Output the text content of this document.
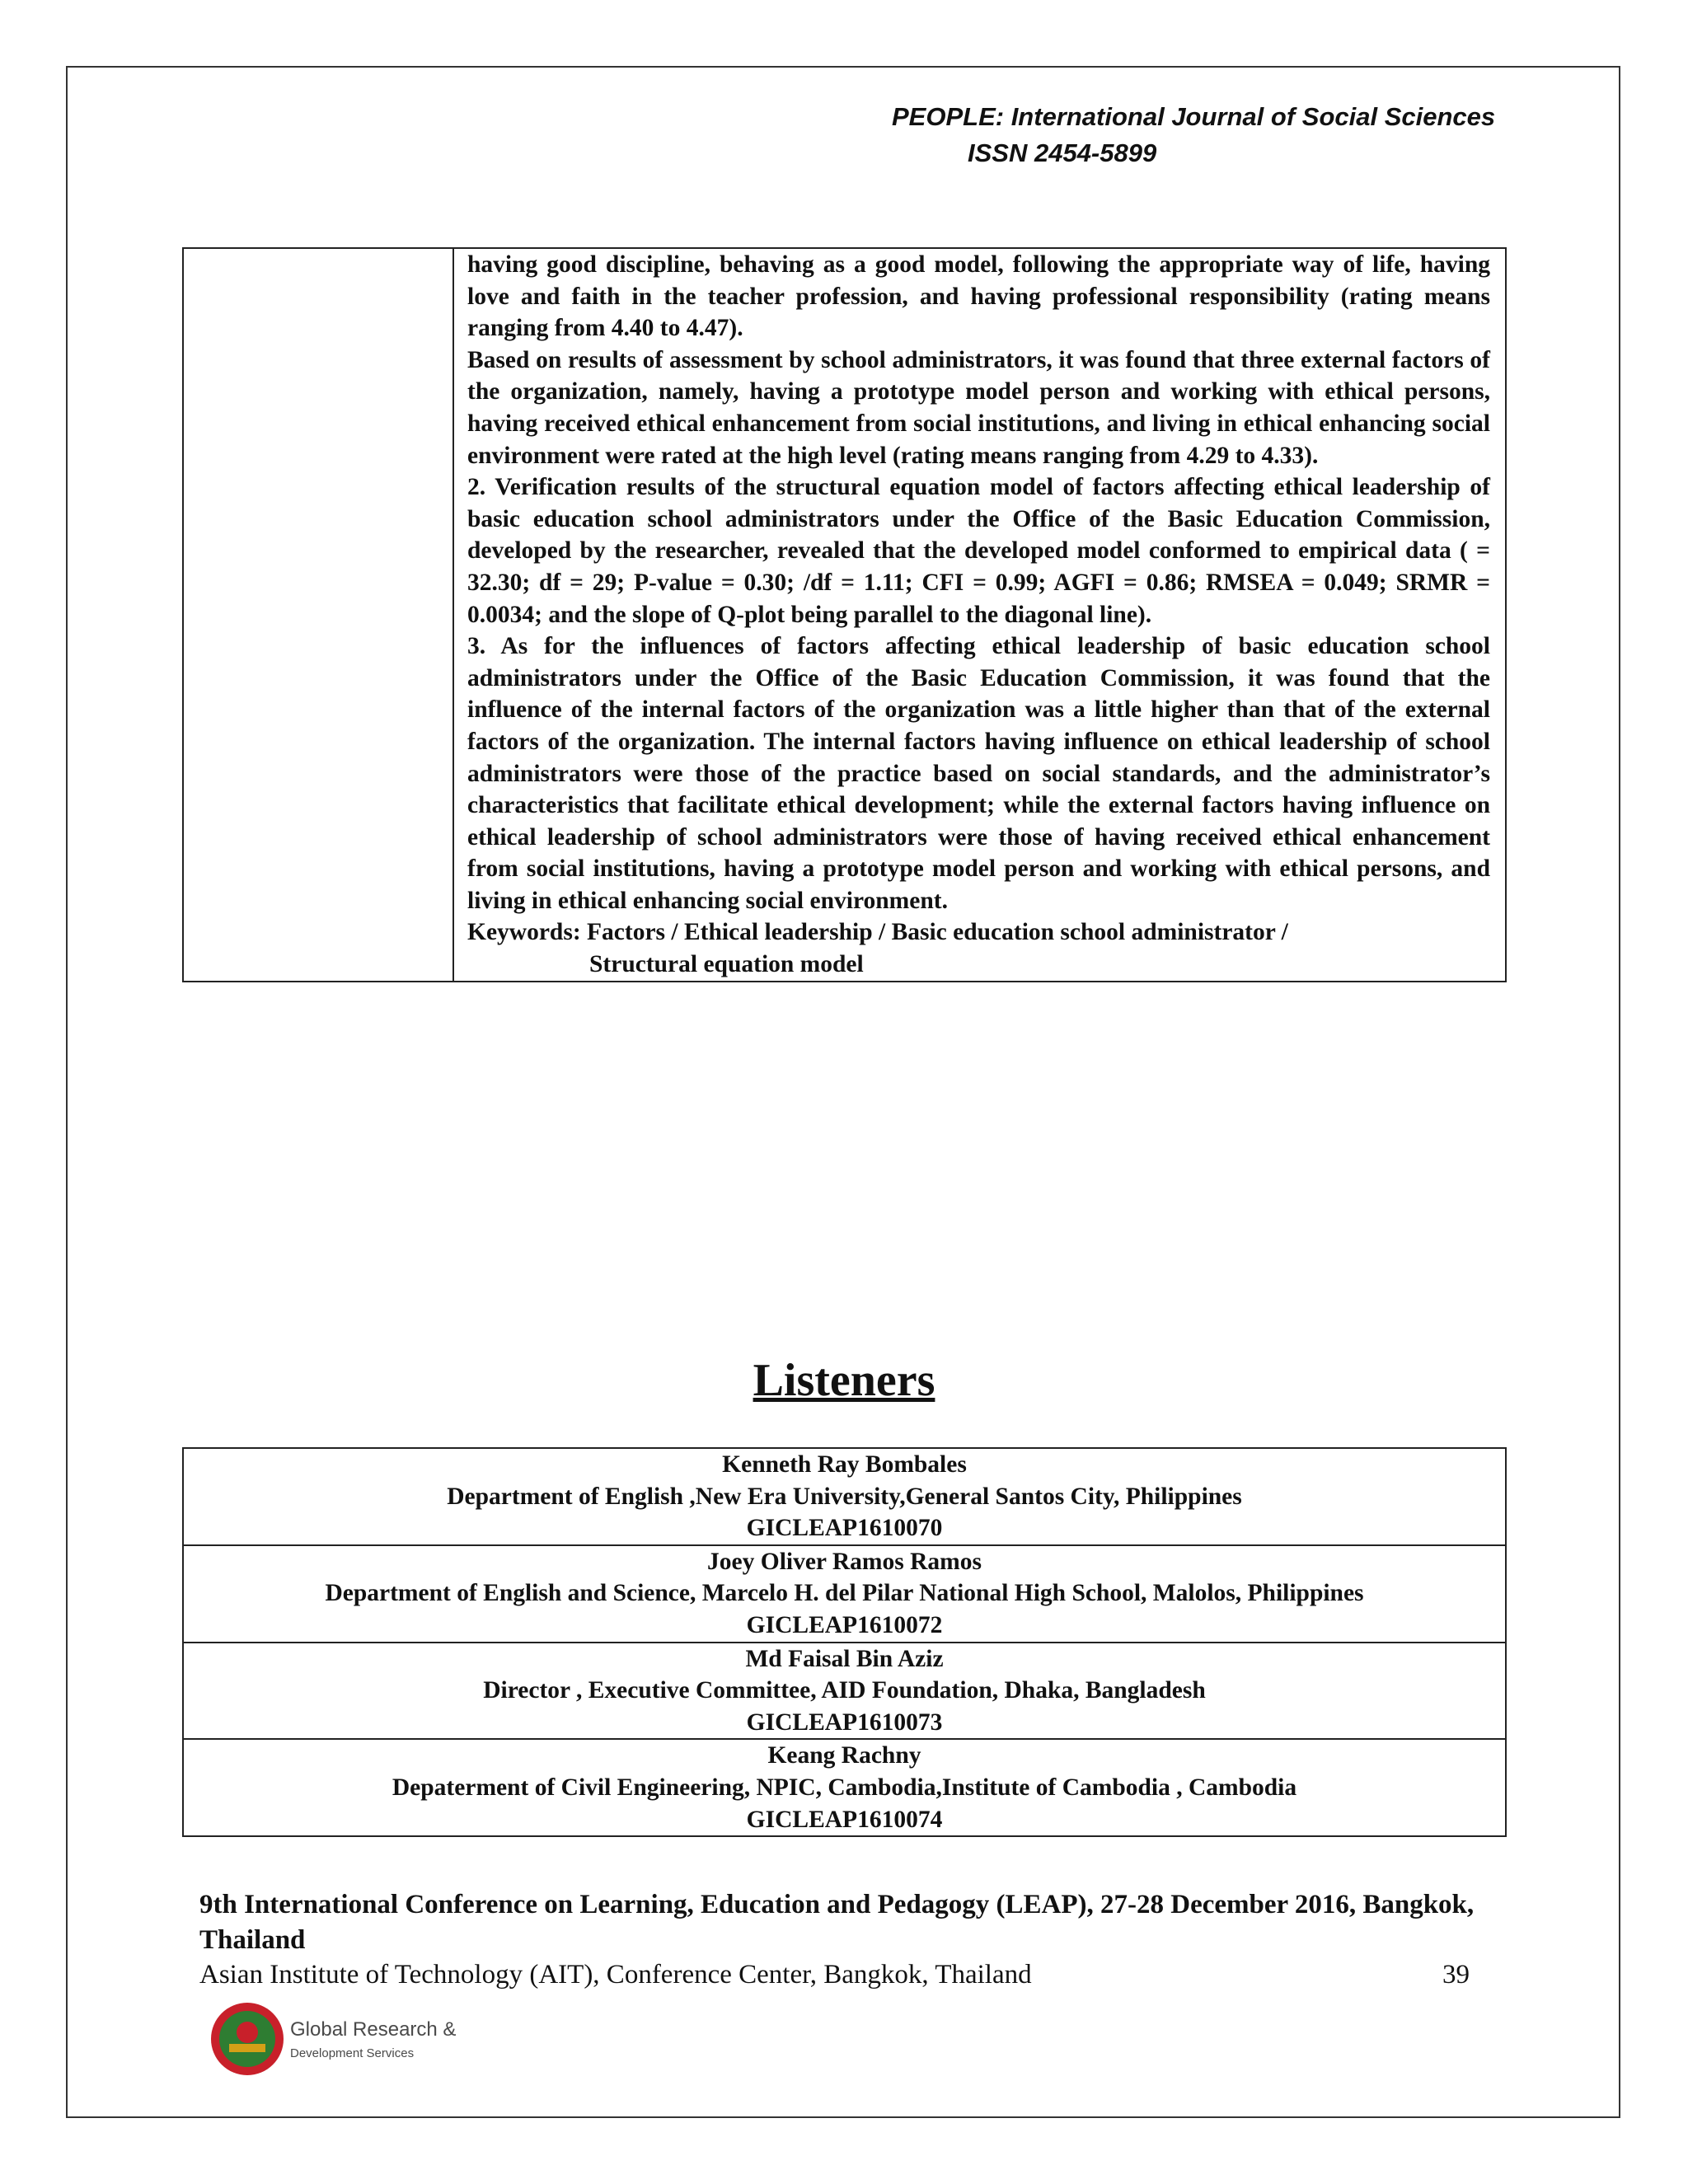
PEOPLE: International Journal of Social Sciences
ISSN 2454-5899

having good discipline, behaving as a good model, following the appropriate way of life, having love and faith in the teacher profession, and having professional responsibility (rating means ranging from 4.40 to 4.47).

Based on results of assessment by school administrators, it was found that three external factors of the organization, namely, having a prototype model person and working with ethical persons, having received ethical enhancement from social institutions, and living in ethical enhancing social environment were rated at the high level (rating means ranging from 4.29 to 4.33).

2. Verification results of the structural equation model of factors affecting ethical leadership of basic education school administrators under the Office of the Basic Education Commission, developed by the researcher, revealed that the developed model conformed to empirical data ( = 32.30; df = 29; P-value = 0.30; /df = 1.11; CFI = 0.99; AGFI = 0.86; RMSEA = 0.049; SRMR = 0.0034; and the slope of Q-plot being parallel to the diagonal line).

3. As for the influences of factors affecting ethical leadership of basic education school administrators under the Office of the Basic Education Commission, it was found that the influence of the internal factors of the organization was a little higher than that of the external factors of the organization. The internal factors having influence on ethical leadership of school administrators were those of the practice based on social standards, and the administrator’s characteristics that facilitate ethical development; while the external factors having influence on ethical leadership of school administrators were those of having received ethical enhancement from social institutions, having a prototype model person and working with ethical persons, and living in ethical enhancing social environment.

Keywords: Factors / Ethical leadership / Basic education school administrator /
Structural equation model

Listeners
Kenneth Ray Bombales
Department of English ,New Era University,General Santos City, Philippines
GICLEAP1610070

Joey Oliver Ramos Ramos
Department of English and Science, Marcelo H. del Pilar National High School, Malolos, Philippines
GICLEAP1610072

Md Faisal Bin Aziz
Director , Executive Committee, AID Foundation, Dhaka, Bangladesh
GICLEAP1610073

Keang Rachny
Depaterment of Civil Engineering, NPIC, Cambodia,Institute of Cambodia , Cambodia
GICLEAP1610074
9th International Conference on Learning, Education and Pedagogy (LEAP), 27-28 December 2016, Bangkok, Thailand
Asian Institute of Technology (AIT), Conference Center, Bangkok, Thailand	39
Global Research &
Development Services
